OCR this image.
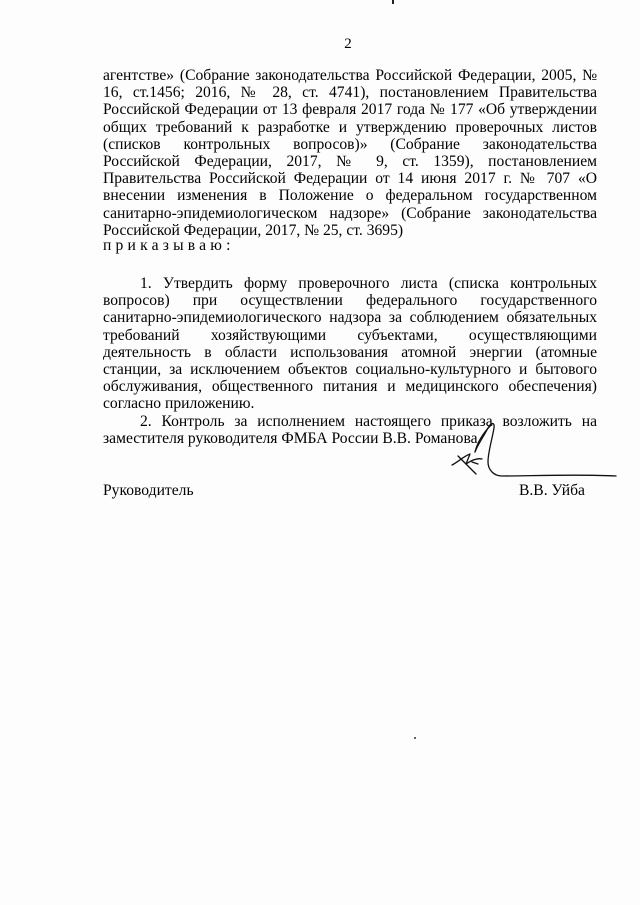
2

агентстве» (Собрание законодательства Российской Федерации, 2005, № 16, ст.1456; 2016, № 28, ст. 4741), постановлением Правительства Российской Федерации от 13 февраля 2017 года № 177 «Об утверждении общих требований к разработке и утверждению проверочных листов (списков контрольных вопросов)» (Собрание законодательства Российской Федерации, 2017, № 9, ст. 1359), постановлением Правительства Российской Федерации от 14 июня 2017 г. № 707 «О внесении изменения в Положение о федеральном государственном санитарно-эпидемиологическом надзоре» (Собрание законодательства Российской Федерации, 2017, № 25, ст. 3695)

приказываю:

1. Утвердить форму проверочного листа (списка контрольных вопросов) при осуществлении федерального государственного санитарно-эпидемиологического надзора за соблюдением обязательных требований хозяйствующими субъектами, осуществляющими деятельность в области использования атомной энергии (атомные станции, за исключением объектов социально-культурного и бытового обслуживания, общественного питания и медицинского обеспечения) согласно приложению.

2. Контроль за исполнением настоящего приказа возложить на заместителя руководителя ФМБА России В.В. Романова.

Руководитель	В.В. Уйба
